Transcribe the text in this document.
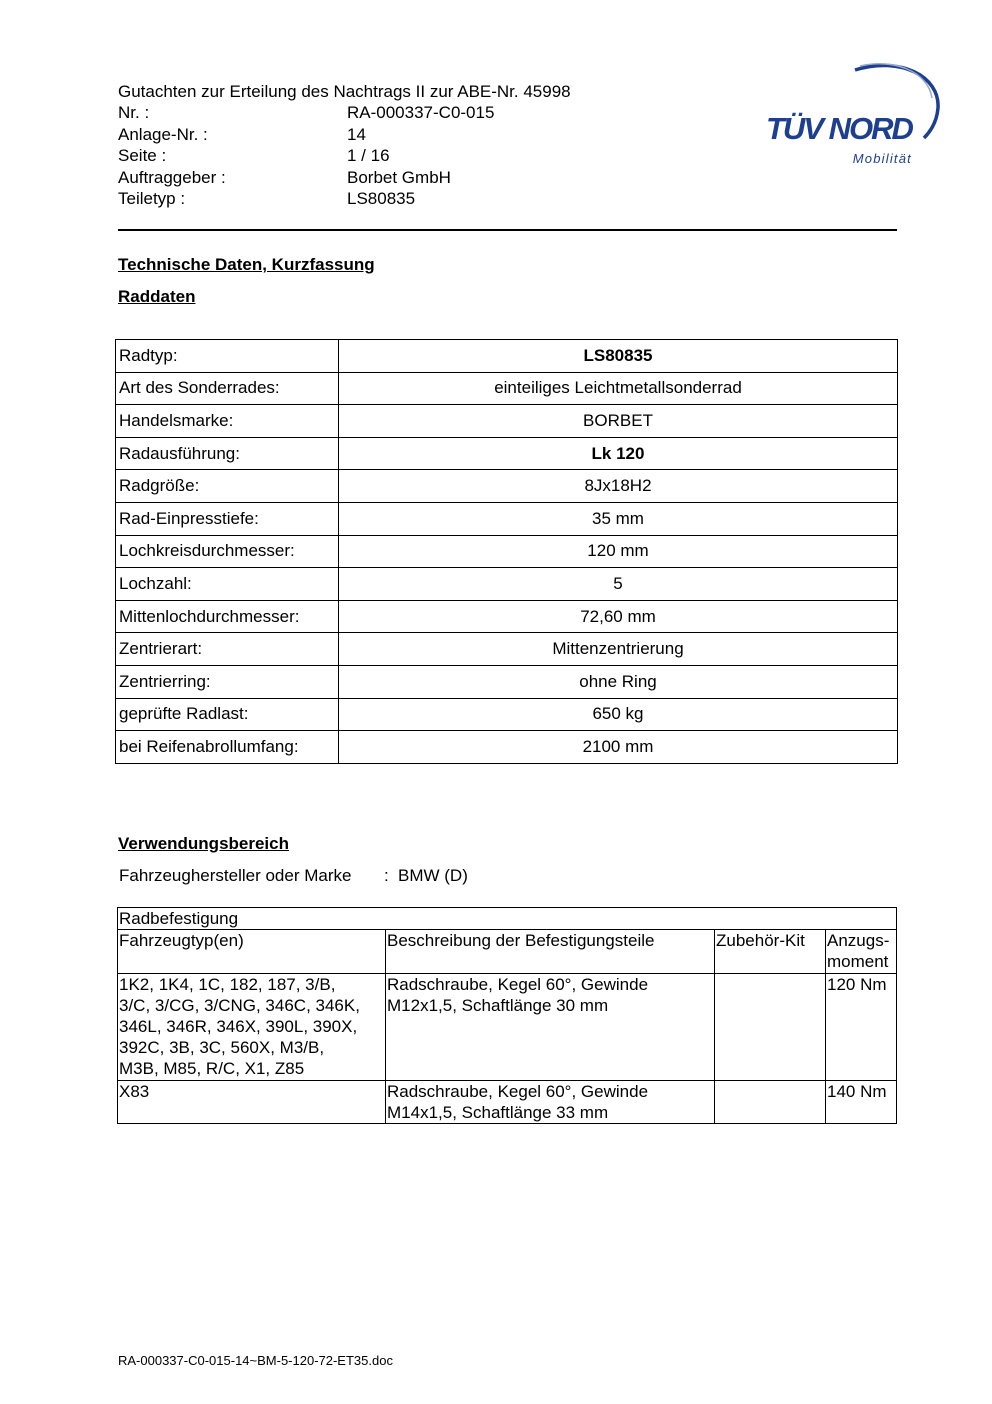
Gutachten zur Erteilung des Nachtrags II zur ABE-Nr. 45998
Nr. :	RA-000337-C0-015
Anlage-Nr. :	14
Seite :	1 / 16
Auftraggeber :	Borbet GmbH
Teiletyp :	LS80835
TÜV NORD
Mobilität
Technische Daten, Kurzfassung
Raddaten
Radtyp:	LS80835
Art des Sonderrades:	einteiliges Leichtmetallsonderrad
Handelsmarke:	BORBET
Radausführung:	Lk 120
Radgröße:	8Jx18H2
Rad-Einpresstiefe:	35 mm
Lochkreisdurchmesser:	120 mm
Lochzahl:	5
Mittenlochdurchmesser:	72,60 mm
Zentrierart:	Mittenzentrierung
Zentrierring:	ohne Ring
geprüfte Radlast:	650 kg
bei Reifenabrollumfang:	2100 mm
Verwendungsbereich
Fahrzeughersteller oder Marke : BMW (D)
Radbefestigung			
Fahrzeugtyp(en)	Beschreibung der Befestigungsteile	Zubehör-Kit	Anzugs-
moment
1K2, 1K4, 1C, 182, 187, 3/B,
3/C, 3/CG, 3/CNG, 346C, 346K,
346L, 346R, 346X, 390L, 390X,
392C, 3B, 3C, 560X, M3/B,
M3B, M85, R/C, X1, Z85	Radschraube, Kegel 60°, Gewinde
M12x1,5, Schaftlänge 30 mm		120 Nm
X83	Radschraube, Kegel 60°, Gewinde
M14x1,5, Schaftlänge 33 mm		140 Nm
RA-000337-C0-015-14~BM-5-120-72-ET35.doc
